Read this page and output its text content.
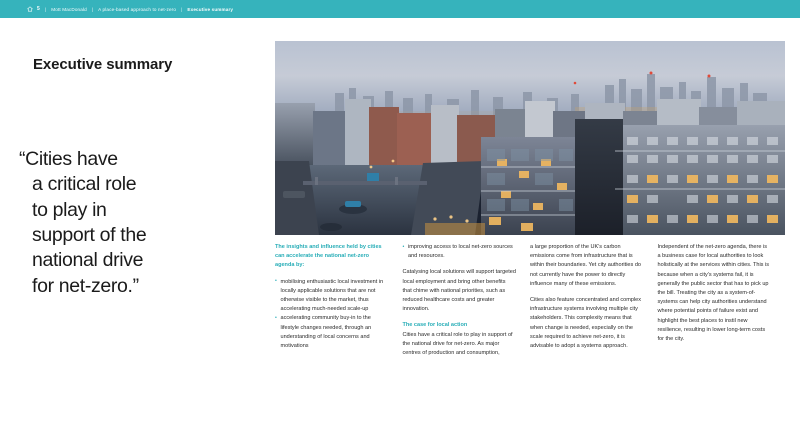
5 | Mott MacDonald | A place-based approach to net-zero | Executive summary
Executive summary
“Cities have
a critical role
to play in
support of the
national drive
for net-zero.”
The insights and influence held by cities can accelerate the national net-zero agenda by:
• mobilising enthusiastic local investment in locally applicable solutions that are not otherwise visible to the market, thus accelerating much-needed scale-up
• accelerating community buy-in to the lifestyle changes needed, through an understanding of local concerns and motivations
• improving access to local net-zero sources and resources.

Catalysing local solutions will support targeted local employment and bring other benefits that chime with national priorities, such as reduced healthcare costs and greater innovation.

The case for local action

Cities have a critical role to play in support of the national drive for net-zero. As major centres of production and consumption,

a large proportion of the UK’s carbon emissions come from infrastructure that is within their boundaries. Yet city authorities do not currently have the power to directly influence many of these emissions.

Cities also feature concentrated and complex infrastructure systems involving multiple city stakeholders. This complexity means that when change is needed, especially on the scale required to achieve net-zero, it is advisable to adopt a systems approach.

Independent of the net-zero agenda, there is a business case for local authorities to look holistically at the services within cities. This is because when a city’s systems fail, it is generally the public sector that has to pick up the bill. Treating the city as a system-of-systems can help city authorities understand where potential points of failure exist and highlight the best places to instil new resilience, resulting in lower long-term costs for the city.
